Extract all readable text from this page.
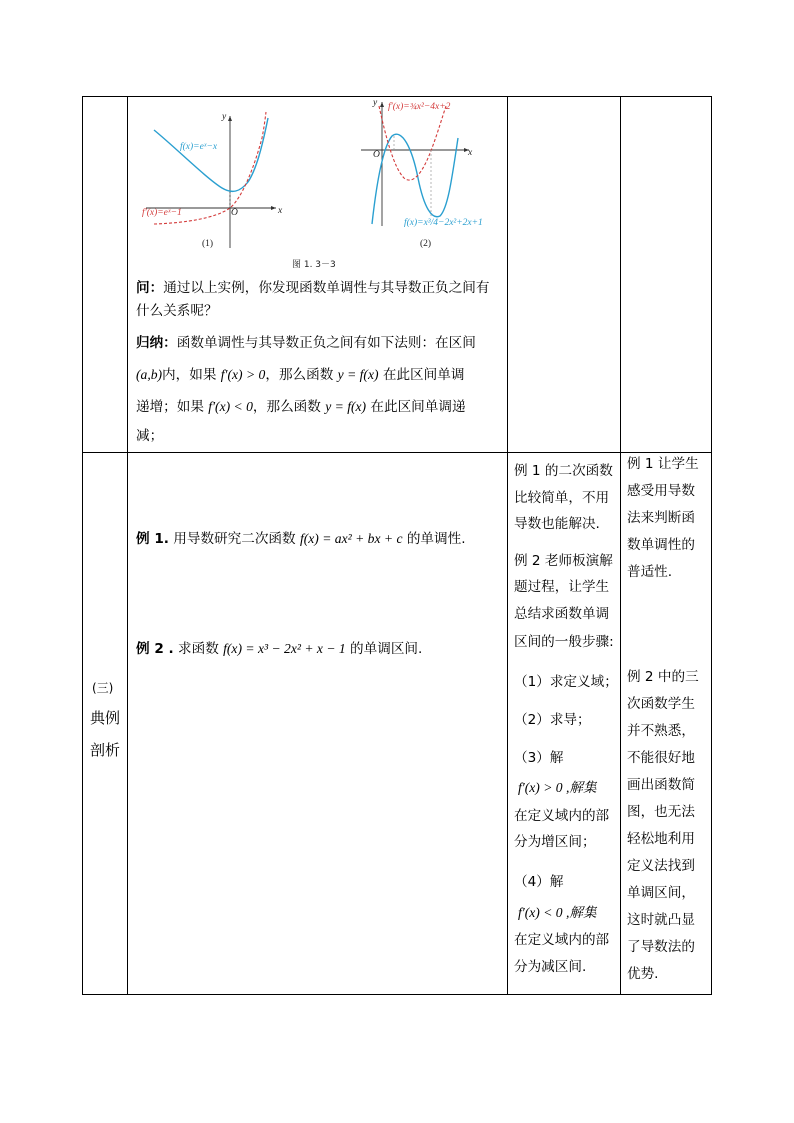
f(x)=eˣ−x
f′(x)=eˣ−1	x
y
O
(1)
f′(x)=¾x²−4x+2
f(x)=x³/4−2x²+2x+1
x
y
O
(2)
图 1. 3－3
问：通过以上实例，你发现函数单调性与其导数正负之间有
什么关系呢？
归纳：函数单调性与其导数正负之间有如下法则：在区间
(a,b)内，如果 f′(x) > 0，那么函数 y = f(x) 在此区间单调
递增；如果 f′(x) < 0，那么函数 y = f(x) 在此区间单调递
减；
(三)
典例
剖析
例 1. 用导数研究二次函数 f(x) = ax² + bx + c 的单调性.
例 2 . 求函数 f(x) = x³ − 2x² + x − 1 的单调区间.
例 1 的二次函数
比较简单，不用
导数也能解决.
例 2 老师板演解
题过程，让学生
总结求函数单调
区间的一般步骤:
（1）求定义域；
（2）求导；
（3）解
f′(x) > 0 ,解集
在定义域内的部
分为增区间；
（4）解
f′(x) < 0 ,解集
在定义域内的部
分为减区间.
例 1 让学生
感受用导数
法来判断函
数单调性的
普适性.
例 2 中的三
次函数学生
并不熟悉，
不能很好地
画出函数简
图，也无法
轻松地利用
定义法找到
单调区间，
这时就凸显
了导数法的
优势.
